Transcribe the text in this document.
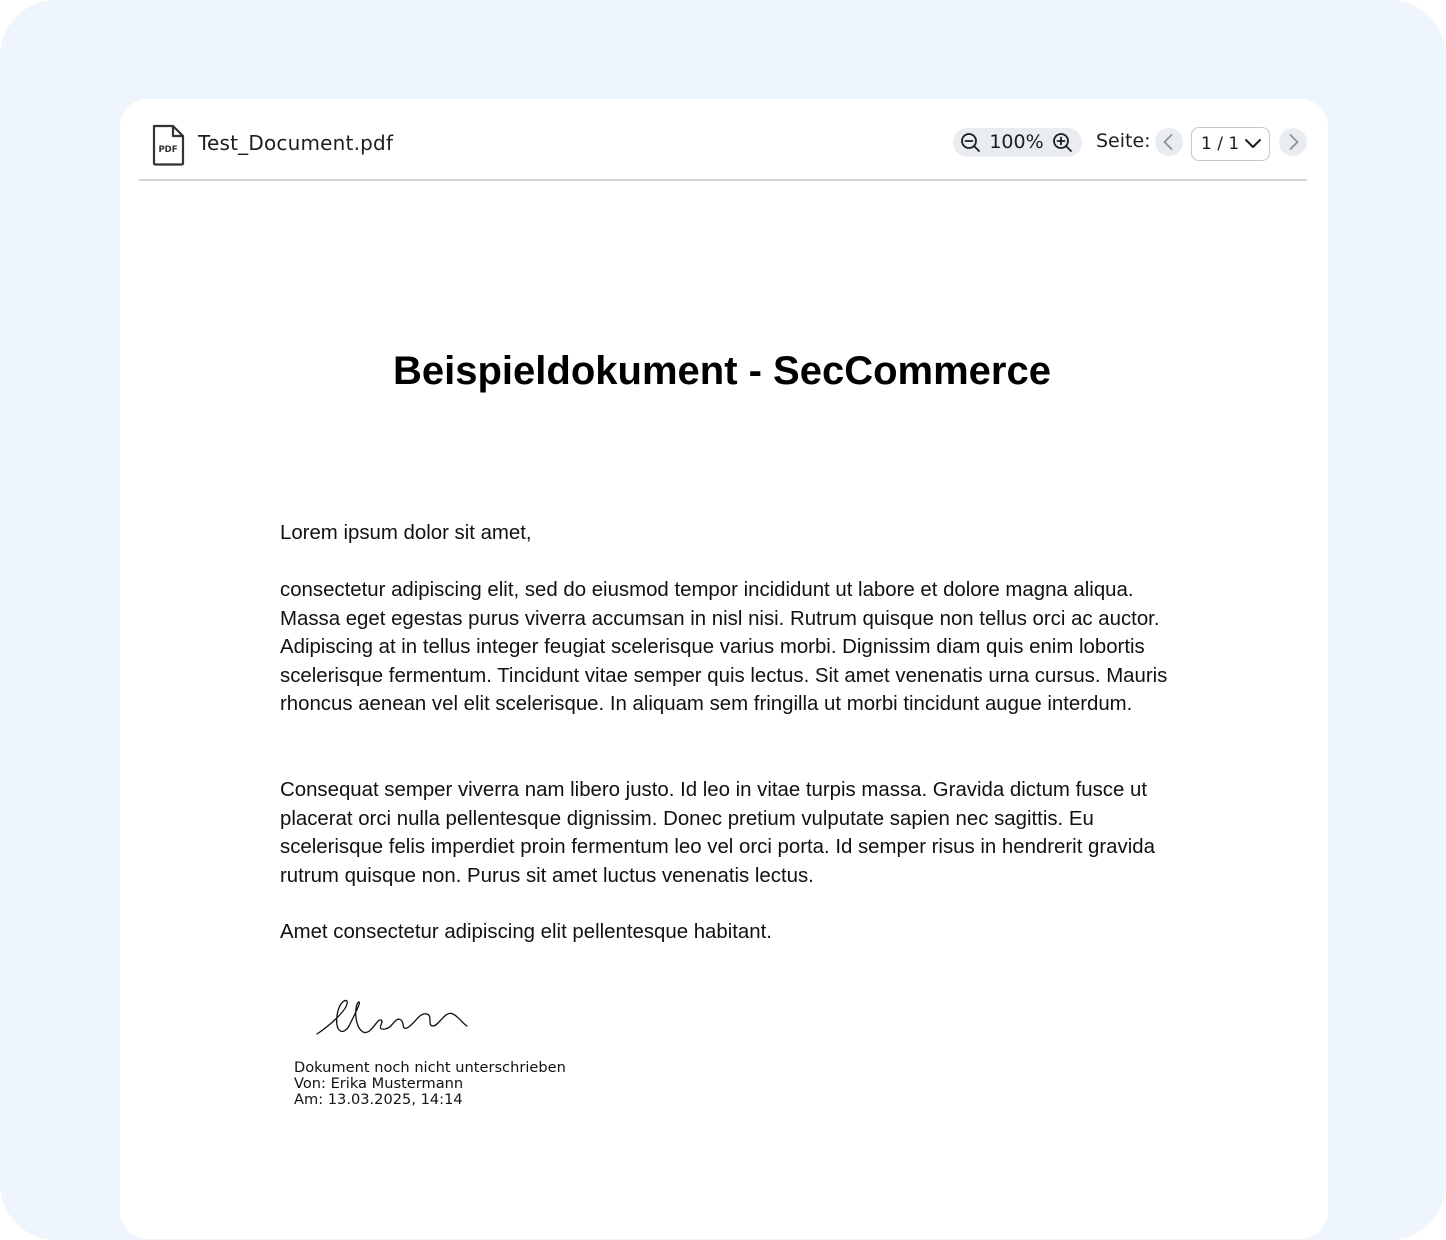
PDF Test_Document.pdf	100%	Seite:	1 / 1
Beispieldokument - SecCommerce

Lorem ipsum dolor sit amet,

consectetur adipiscing elit, sed do eiusmod tempor incididunt ut labore et dolore magna aliqua. Massa eget egestas purus viverra accumsan in nisl nisi. Rutrum quisque non tellus orci ac auctor. Adipiscing at in tellus integer feugiat scelerisque varius morbi. Dignissim diam quis enim lobortis scelerisque fermentum. Tincidunt vitae semper quis lectus. Sit amet venenatis urna cursus. Mauris rhoncus aenean vel elit scelerisque. In aliquam sem fringilla ut morbi tincidunt augue interdum.

Consequat semper viverra nam libero justo. Id leo in vitae turpis massa. Gravida dictum fusce ut placerat orci nulla pellentesque dignissim. Donec pretium vulputate sapien nec sagittis. Eu scelerisque felis imperdiet proin fermentum leo vel orci porta. Id semper risus in hendrerit gravida rutrum quisque non. Purus sit amet luctus venenatis lectus.

Amet consectetur adipiscing elit pellentesque habitant.

Dokument noch nicht unterschrieben
Von: Erika Mustermann
Am: 13.03.2025, 14:14
